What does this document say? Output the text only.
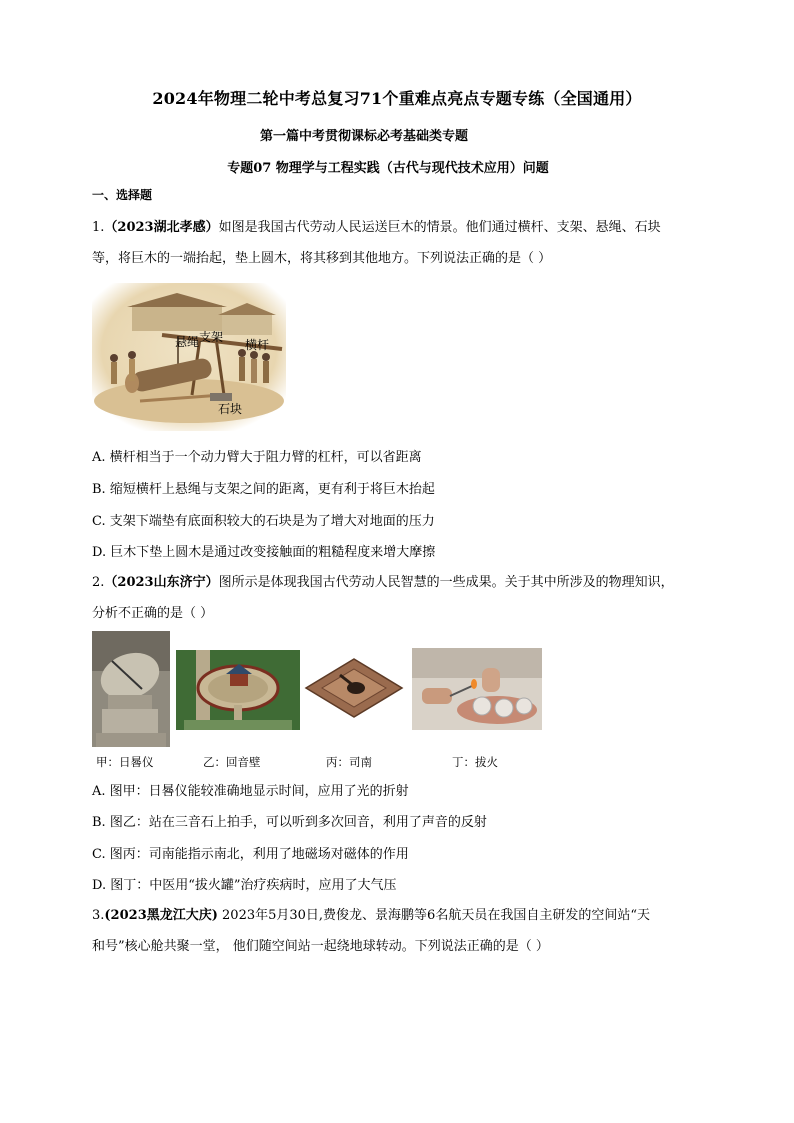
2024年物理二轮中考总复习71个重难点亮点专题专练（全国通用）
第一篇中考贯彻课标必考基础类专题
专题07 物理学与工程实践（古代与现代技术应用）问题
一、选择题
1.（2023湖北孝感）如图是我国古代劳动人民运送巨木的情景。他们通过横杆、支架、悬绳、石块
等，将巨木的一端抬起，垫上圆木，将其移到其他地方。下列说法正确的是（ ）
悬绳 支架
横杆
石块
A. 横杆相当于一个动力臂大于阻力臂的杠杆，可以省距离
B. 缩短横杆上悬绳与支架之间的距离，更有利于将巨木抬起
C. 支架下端垫有底面积较大的石块是为了增大对地面的压力
D. 巨木下垫上圆木是通过改变接触面的粗糙程度来增大摩擦
2.（2023山东济宁）图所示是体现我国古代劳动人民智慧的一些成果。关于其中所涉及的物理知识，
分析不正确的是（ ）
甲：日晷仪	乙：回音壁	丙：司南	丁：拔火
A. 图甲：日晷仪能较准确地显示时间，应用了光的折射
B. 图乙：站在三音石上拍手，可以听到多次回音，利用了声音的反射
C. 图丙：司南能指示南北，利用了地磁场对磁体的作用
D. 图丁：中医用“拔火罐”治疗疾病时，应用了大气压
3.(2023黑龙江大庆) 2023年5月30日,费俊龙、景海鹏等6名航天员在我国自主研发的空间站“天
和号”核心舱共聚一堂， 他们随空间站一起绕地球转动。下列说法正确的是（ ）
